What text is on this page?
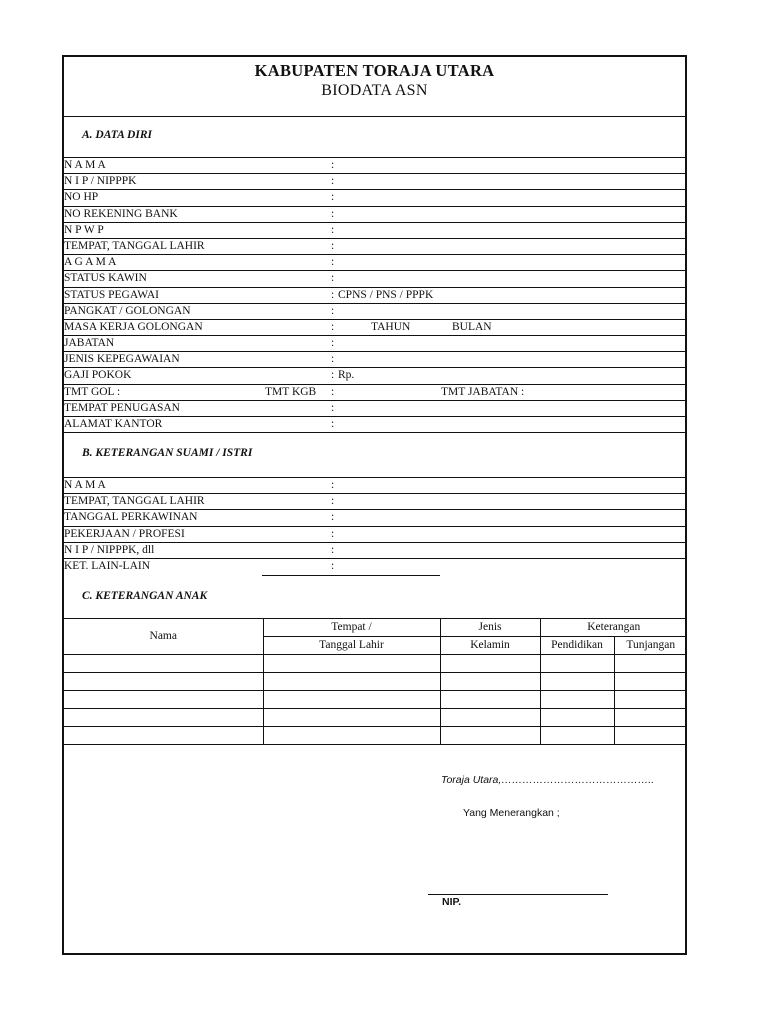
KABUPATEN TORAJA UTARA
BIODATA ASN
A. DATA DIRI
N A M A	:
N I P / NIPPPK	:
NO HP	:
NO REKENING BANK	:
N P W P	:
TEMPAT, TANGGAL LAHIR	:
A G A M A	:
STATUS KAWIN	:
STATUS PEGAWAI	: CPNS / PNS / PPPK
PANGKAT / GOLONGAN	:
MASA KERJA GOLONGAN	:	TAHUN	BULAN
JABATAN	:
JENIS KEPEGAWAIAN	:
GAJI POKOK	: Rp.
TMT GOL :	TMT KGB :	TMT JABATAN :
TEMPAT PENUGASAN	:
ALAMAT KANTOR	:
B. KETERANGAN SUAMI / ISTRI
N A M A	:
TEMPAT, TANGGAL LAHIR	:
TANGGAL PERKAWINAN	:
PEKERJAAN / PROFESI	:
N I P / NIPPPK, dll	:
KET. LAIN-LAIN	:
C. KETERANGAN ANAK
Nama	Tempat /	Jenis	Keterangan	
	Tanggal Lahir	Kelamin	Pendidikan	Tunjangan

Toraja Utara,……………………………………..
Yang Menerangkan ;
NIP.
